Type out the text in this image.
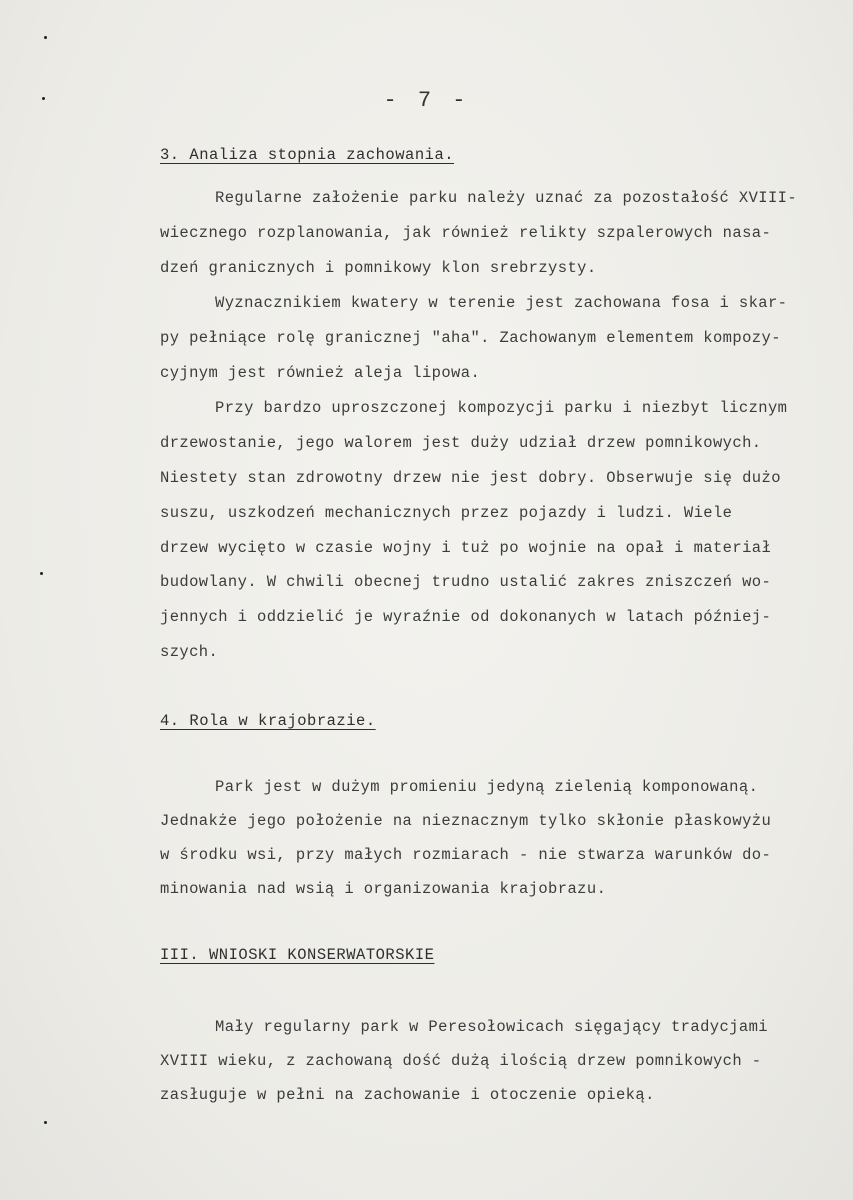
- 7 -
3. Analiza stopnia zachowania.
Regularne założenie parku należy uznać za pozostałość XVIII-
wiecznego rozplanowania, jak również relikty szpalerowych nasa-
dzeń granicznych i pomnikowy klon srebrzysty.
Wyznacznikiem kwatery w terenie jest zachowana fosa i skar-
py pełniące rolę granicznej "aha". Zachowanym elementem kompozy-
cyjnym jest również aleja lipowa.
Przy bardzo uproszczonej kompozycji parku i niezbyt licznym
drzewostanie, jego walorem jest duży udział drzew pomnikowych.
Niestety stan zdrowotny drzew nie jest dobry. Obserwuje się dużo
suszu, uszkodzeń mechanicznych przez pojazdy i ludzi. Wiele
drzew wycięto w czasie wojny i tuż po wojnie na opał i materiał
budowlany. W chwili obecnej trudno ustalić zakres zniszczeń wo-
jennych i oddzielić je wyraźnie od dokonanych w latach później-
szych.
4. Rola w krajobrazie.
Park jest w dużym promieniu jedyną zielenią komponowaną.
Jednakże jego położenie na nieznacznym tylko skłonie płaskowyżu
w środku wsi, przy małych rozmiarach - nie stwarza warunków do-
minowania nad wsią i organizowania krajobrazu.
III. WNIOSKI KONSERWATORSKIE
Mały regularny park w Peresołowicach sięgający tradycjami
XVIII wieku, z zachowaną dość dużą ilością drzew pomnikowych -
zasługuje w pełni na zachowanie i otoczenie opieką.
